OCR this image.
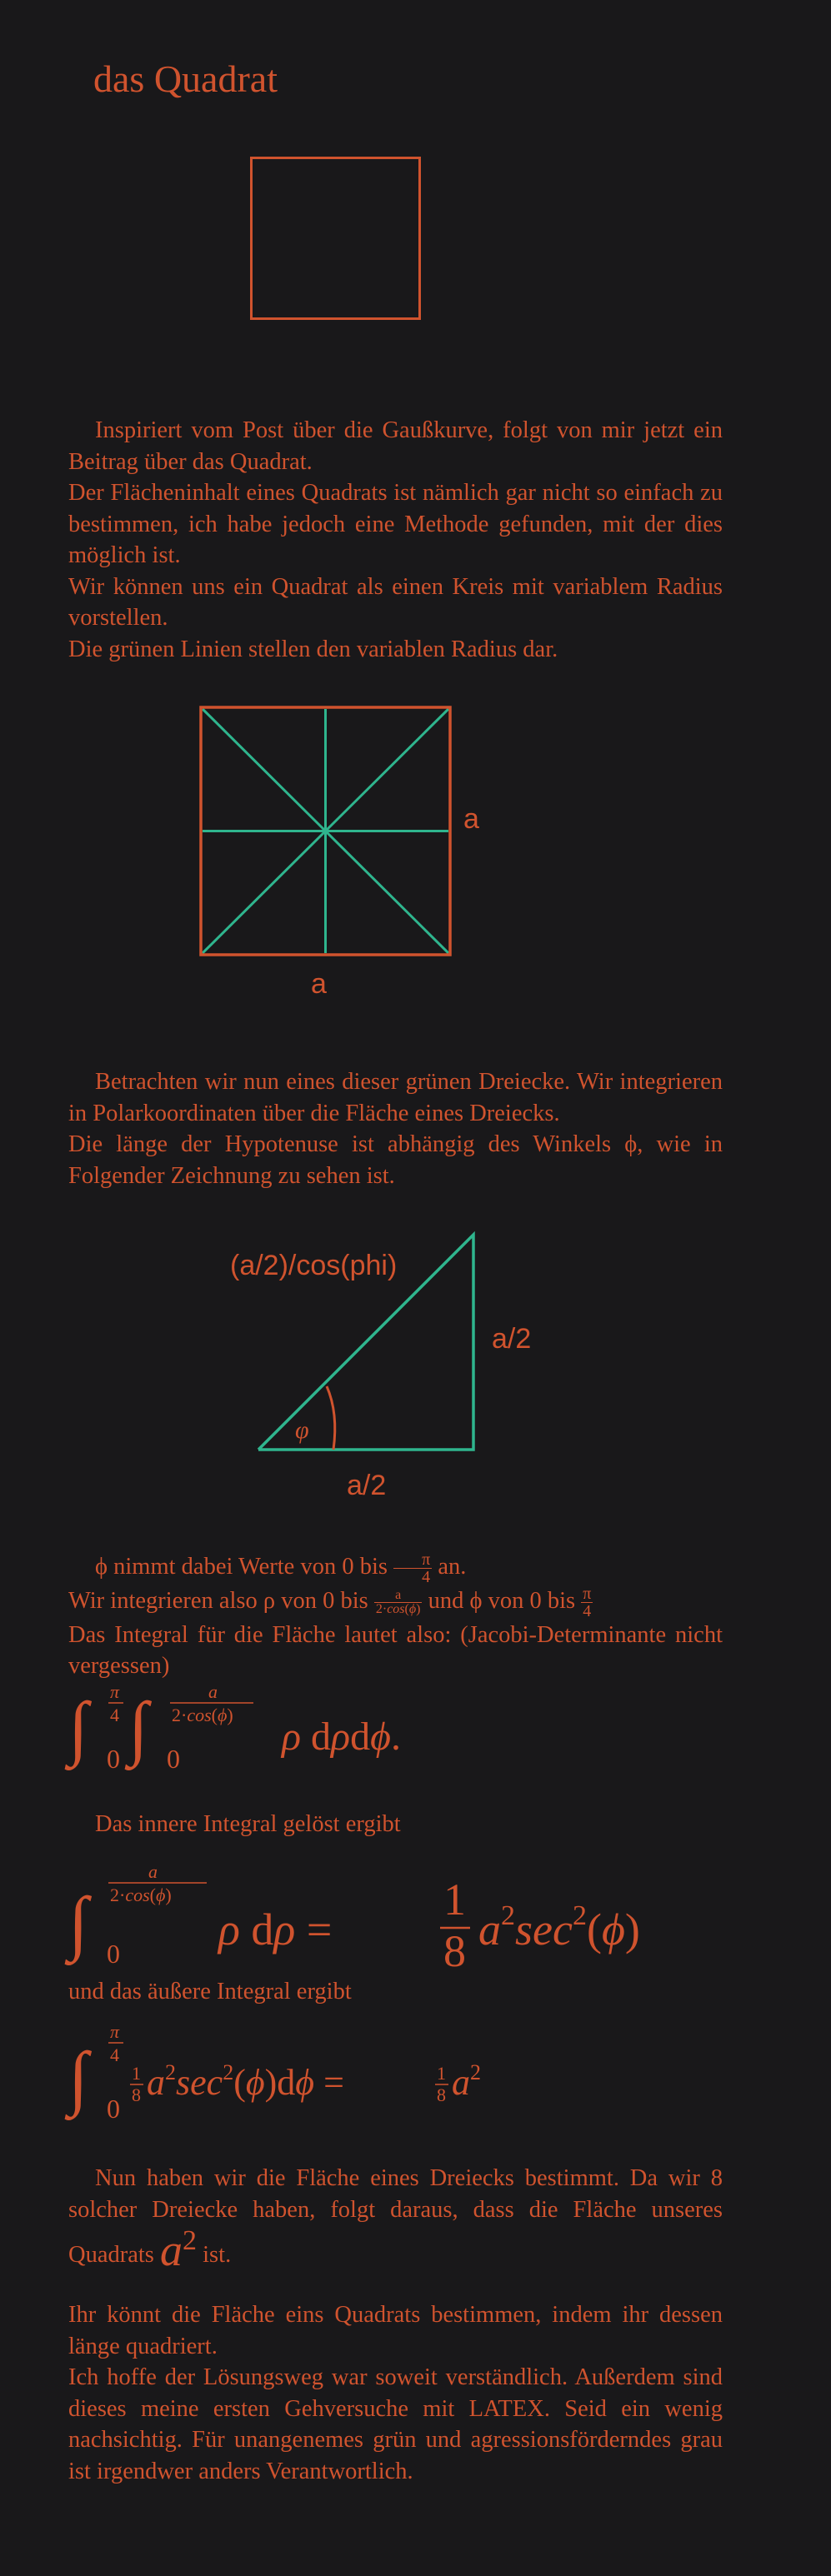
das Quadrat

Inspiriert vom Post über die Gaußkurve, folgt von mir jetzt ein Beitrag über das Quadrat.

Der Flächeninhalt eines Quadrats ist nämlich gar nicht so einfach zu bestimmen, ich habe jedoch eine Methode gefunden, mit der dies möglich ist.

Wir können uns ein Quadrat als einen Kreis mit variablem Radius vorstellen.

Die grünen Linien stellen den variablen Radius dar.

a
a

Betrachten wir nun eines dieser grünen Dreiecke. Wir integrieren in Polarkoordinaten über die Fläche eines Dreiecks.

Die länge der Hypotenuse ist abhängig des Winkels ϕ, wie in Folgender Zeichnung zu sehen ist.

φ
(a/2)/cos(phi)
a/2
a/2

ϕ nimmt dabei Werte von 0 bis $\frac{\pi}{4}$ an.

Wir integrieren also ρ von 0 bis $\frac{a}{2\cdot\cos(\phi)}$ und ϕ von 0 bis $\frac{\pi}{4}$

Das Integral für die Fläche lautet also: (Jacobi-Determinante nicht vergessen)

∫ 0
π
4 ∫ 0
a
2·cos(ϕ) ρ dρdϕ.
Das innere Integral gelöst ergibt
∫ 0
a
2·cos(ϕ)
ρ dρ =
1
8 $a^2\sec^2(\phi)$
und das äußere Integral ergibt
∫ 0
π
4
1
8 $a^2\sec^2(\phi)d\phi$ =	1
8 $a^2$

Nun haben wir die Fläche eines Dreiecks bestimmt. Da wir 8 solcher Dreiecke haben, folgt daraus, dass die Fläche unseres Quadrats $a^2$ ist.

Ihr könnt die Fläche eins Quadrats bestimmen, indem ihr dessen länge quadriert.

Ich hoffe der Lösungsweg war soweit verständlich. Außerdem sind dieses meine ersten Gehversuche mit LATEX. Seid ein wenig nachsichtig. Für unangenemes grün und agressionsförderndes grau ist irgendwer anders Verantwortlich.
